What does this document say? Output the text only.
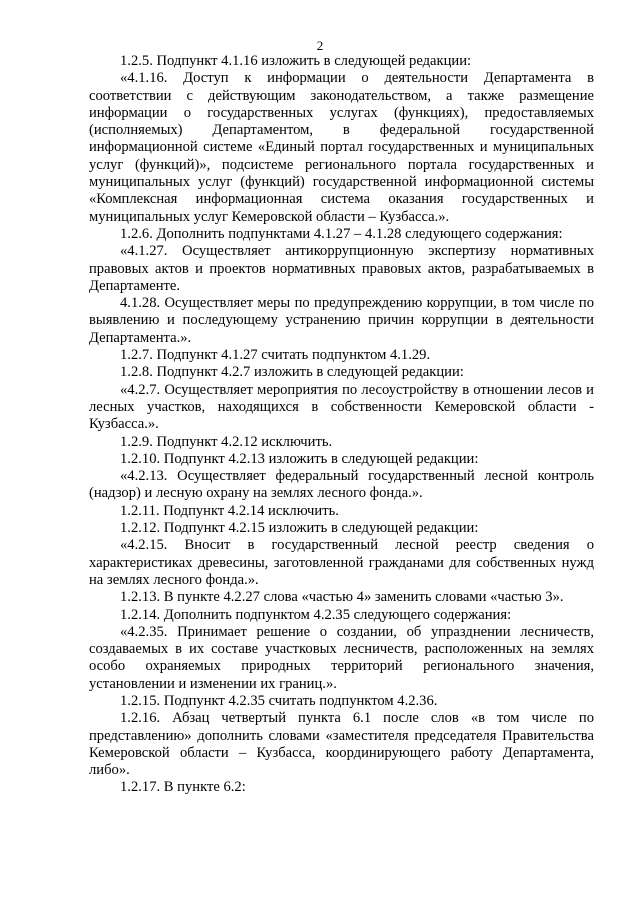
2

1.2.5. Подпункт 4.1.16 изложить в следующей редакции:

«4.1.16. Доступ к информации о деятельности Департамента в соответствии с действующим законодательством, а также размещение информации о государственных услугах (функциях), предоставляемых (исполняемых) Департаментом, в федеральной государственной информационной системе «Единый портал государственных и муниципальных услуг (функций)», подсистеме регионального портала государственных и муниципальных услуг (функций) государственной информационной системы «Комплексная информационная система оказания государственных и муниципальных услуг Кемеровской области – Кузбасса.».

1.2.6. Дополнить подпунктами 4.1.27 – 4.1.28 следующего содержания:

«4.1.27. Осуществляет антикоррупционную экспертизу нормативных правовых актов и проектов нормативных правовых актов, разрабатываемых в Департаменте.

4.1.28. Осуществляет меры по предупреждению коррупции, в том числе по выявлению и последующему устранению причин коррупции в деятельности Департамента.».

1.2.7. Подпункт 4.1.27 считать подпунктом 4.1.29.

1.2.8. Подпункт 4.2.7 изложить в следующей редакции:

«4.2.7. Осуществляет мероприятия по лесоустройству в отношении лесов и лесных участков, находящихся в собственности Кемеровской области - Кузбасса.».

1.2.9. Подпункт 4.2.12 исключить.

1.2.10. Подпункт 4.2.13 изложить в следующей редакции:

«4.2.13. Осуществляет федеральный государственный лесной контроль (надзор) и лесную охрану на землях лесного фонда.».

1.2.11. Подпункт 4.2.14 исключить.

1.2.12. Подпункт 4.2.15 изложить в следующей редакции:

«4.2.15. Вносит в государственный лесной реестр сведения о характеристиках древесины, заготовленной гражданами для собственных нужд на землях лесного фонда.».

1.2.13. В пункте 4.2.27 слова «частью 4» заменить словами «частью 3».

1.2.14. Дополнить подпунктом 4.2.35 следующего содержания:

«4.2.35. Принимает решение о создании, об упразднении лесничеств, создаваемых в их составе участковых лесничеств, расположенных на землях особо охраняемых природных территорий регионального значения, установлении и изменении их границ.».

1.2.15. Подпункт 4.2.35 считать подпунктом 4.2.36.

1.2.16. Абзац четвертый пункта 6.1 после слов «в том числе по представлению» дополнить словами «заместителя председателя Правительства Кемеровской области – Кузбасса, координирующего работу Департамента, либо».

1.2.17. В пункте 6.2:
